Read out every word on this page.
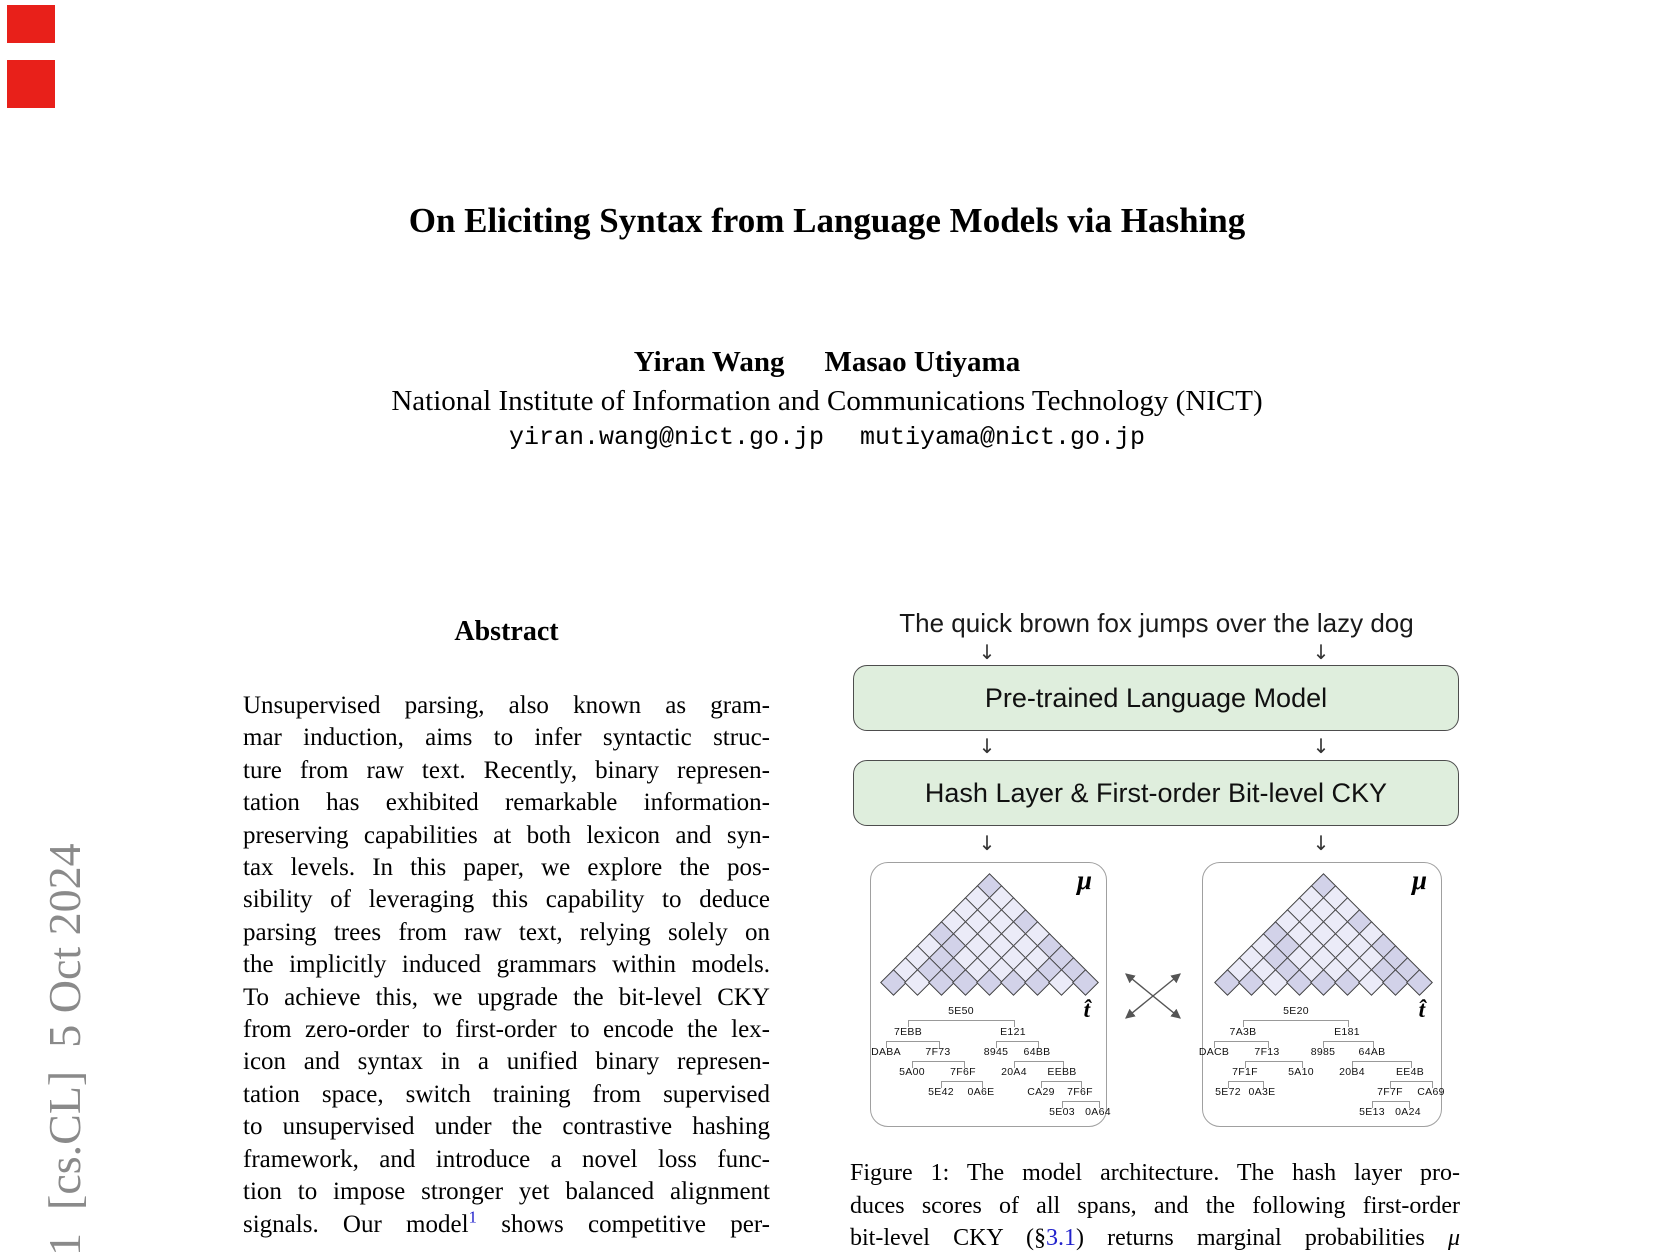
1  [cs.CL]  5 Oct 2024
On Eliciting Syntax from Language Models via Hashing
Yiran Wang Masao Utiyama
National Institute of Information and Communications Technology (NICT)
yiran.wang@nict.go.jp mutiyama@nict.go.jp
Abstract
Unsupervised parsing, also known as gram-
mar induction, aims to infer syntactic struc-
ture from raw text. Recently, binary represen-
tation has exhibited remarkable information-
preserving capabilities at both lexicon and syn-
tax levels. In this paper, we explore the pos-
sibility of leveraging this capability to deduce
parsing trees from raw text, relying solely on
the implicitly induced grammars within models.
To achieve this, we upgrade the bit-level CKY
from zero-order to first-order to encode the lex-
icon and syntax in a unified binary represen-
tation space, switch training from supervised
to unsupervised under the contrastive hashing
framework, and introduce a novel loss func-
tion to impose stronger yet balanced alignment
signals. Our model$^1$ shows competitive per-
The quick brown fox jumps over the lazy dog
↓	↓
Pre-trained Language Model
↓	↓
Hash Layer & First-order Bit-level CKY
↓	↓
μ
t̂
μ
t̂
5E50
7EBB	E121
DABA 7F73	8945 64BB
5A00 7F6F 20A4 EEBB
5E42 0A6E	CA29 7F6F
5E03 0A64
5E20
7A3B	E181
DACB 7F13	8985 64AB
7F1F	5A10 20B4	EE4B
5E72 0A3E	7F7F CA69
5E13 0A24
Figure 1: The model architecture. The hash layer pro-
duces scores of all spans, and the following first-order
bit-level CKY (§3.1) returns marginal probabilities μ
